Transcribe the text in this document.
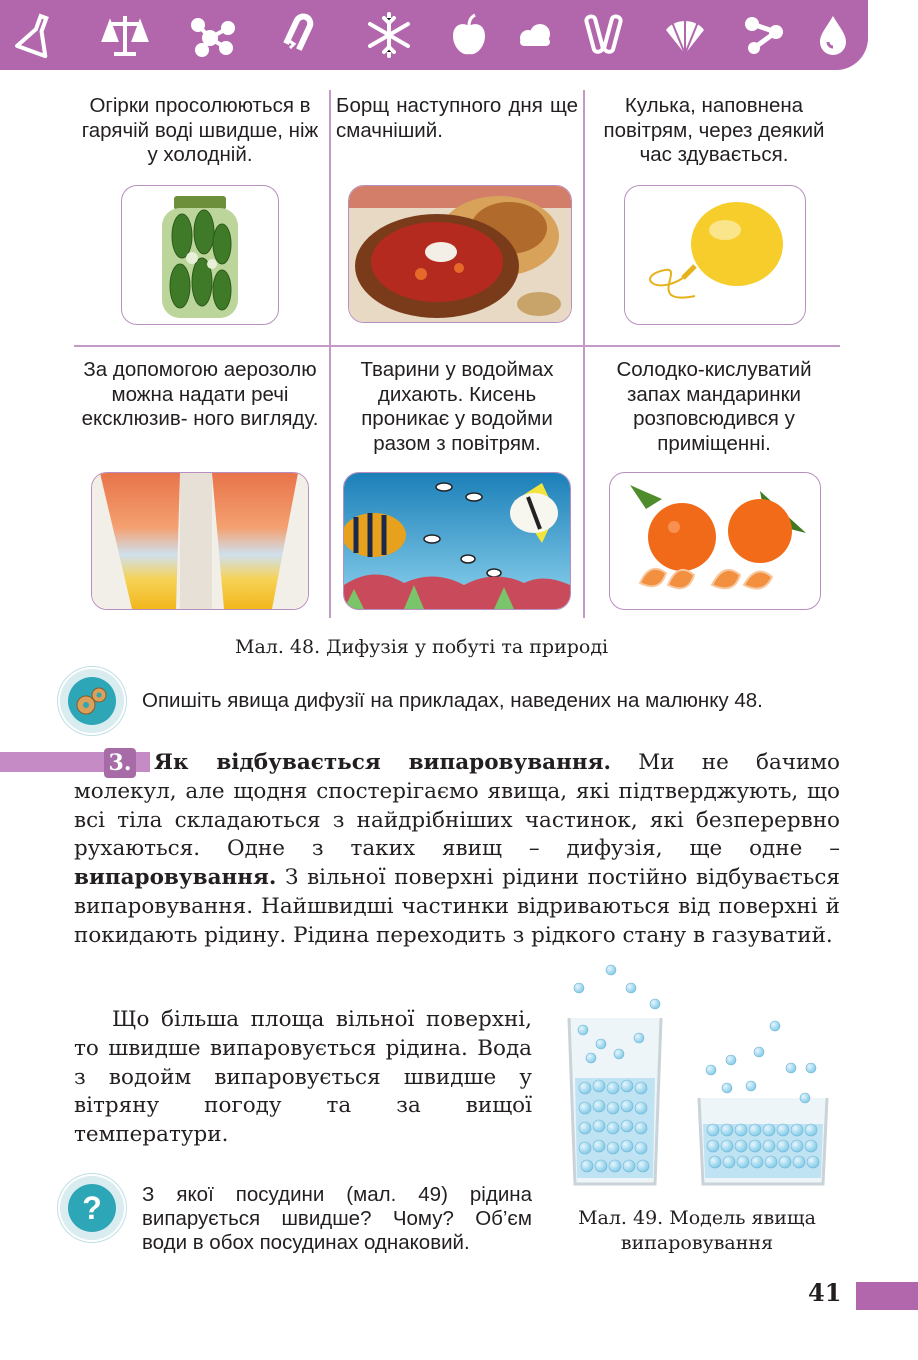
Огірки просолюються в гарячій воді швидше, ніж у холодній.
Борщ наступного дня ще смачніший.
Кулька, наповнена повітрям, через деякий час здувається.
За допомогою аерозолю можна надати речі ексклюзив- ного вигляду.
Тварини у водоймах дихають. Кисень проникає у водойми разом з повітрям.
Солодко-кислуватий запах мандаринки розповсюдився у приміщенні.
Мал. 48. Дифузія у побуті та природі
Опишіть явища дифузії на прикладах, наведених на малюнку 48.
3.	Як відбувається випаровування. Ми не бачимо молекул, але щодня спостерігаємо явища, які підтверджують, що всі тіла складаються з найдрібніших частинок, які безперервно рухаються. Одне з таких явищ – дифузія, ще одне – випаровування. З вільної поверхні рідини постійно відбувається випаровування. Найшвидші частинки відриваються від поверхні й покидають рідину. Рідина переходить з рідкого стану в газуватий.
Що більша площа вільної поверхні, то швидше випаровується рідина. Вода з водойм випаровується швидше у вітряну погоду та за вищої температури.
?	З якої посудини (мал. 49) рідина випарується швидше? Чому? Об’єм води в обох посудинах однаковий.
Мал. 49. Модель явища
випаровування
41
